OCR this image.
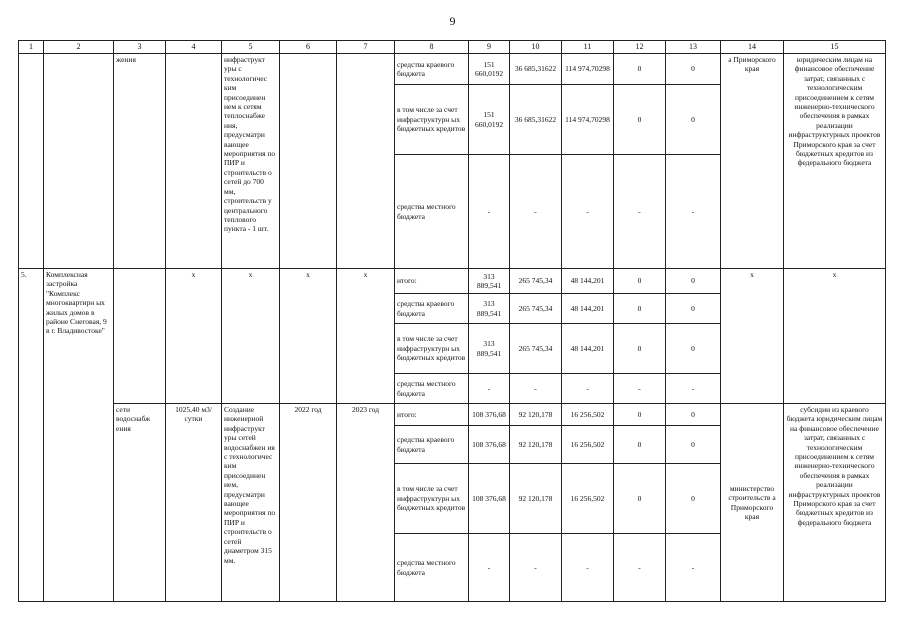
9
1	2	3	4	5	6	7	8	9	10	11	12	13	14	15
		жения		инфраструкт уры с технологичес ким присоединен ием к сетям теплоснабже ния, предусматри вающее мероприятия по ПИР и строительств о сетей до 700 мм, строительств у центрального теплового пункта - 1 шт.			средства краевого бюджета	151 660,0192	36 685,31622	114 974,70298	0	0	а Приморского края	юридическим лицам на финансовое обеспечение затрат, связанных с технологическим присоединением к сетям инженерно-технического обеспечения в рамках реализации инфраструктурных проектов Приморского края за счет бюджетных кредитов из федерального бюджета
							в том числе за счет инфраструктурн ых бюджетных кредитов	151 660,0192	36 685,31622	114 974,70298	0	0		
							средства местного бюджета	-	-	-	-	-		
5.	Комплексная застройка "Комплекс многоквартирн ых жилых домов в районе Снеговая, 9 в г. Владивостоке"		x	x	x	x	итого:	313 889,541	265 745,34	48 144,201	0	0	x	x
							средства краевого бюджета	313 889,541	265 745,34	48 144,201	0	0		
							в том числе за счет инфраструктурн ых бюджетных кредитов	313 889,541	265 745,34	48 144,201	0	0		
							средства местного бюджета	-	-	-	-	-		
		сети водоснабж ения	1025,40 м3/сутки	Создание инженерной инфраструкт уры сетей водоснабжен ия с технологичес ким присоединен ием, предусматри вающее мероприятия по ПИР и строительств о сетей диаметром 315 мм.	2022 год	2023 год	итого:	108 376,68	92 120,178	16 256,502	0	0	министерство строительств а Приморского края	субсидии из краевого бюджета юридическим лицам на финансовое обеспечение затрат, связанных с технологическим присоединением к сетям инженерно-технического обеспечения в рамках реализации инфраструктурных проектов Приморского края за счет бюджетных кредитов из федерального бюджета
							средства краевого бюджета	108 376,68	92 120,178	16 256,502	0	0		
							в том числе за счет инфраструктурн ых бюджетных кредитов	108 376,68	92 120,178	16 256,502	0	0		
							средства местного бюджета	-	-	-	-	-		
